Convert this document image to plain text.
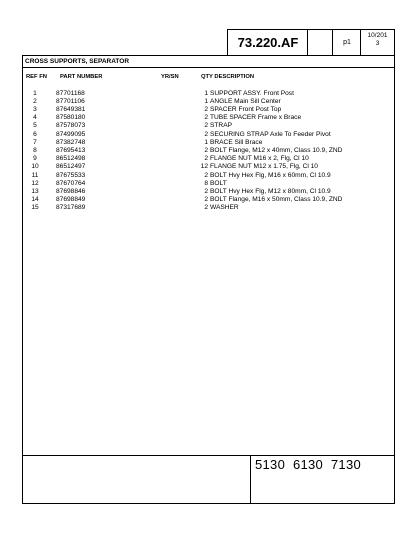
73.220.AF	p1
10/201
3
CROSS SUPPORTS, SEPARATOR
REF FN PART NUMBER	YR/SN	QTY DESCRIPTION
1	87701168	1 SUPPORT ASSY. Front Post
2	87701106	1 ANGLE Main Sill Center
3	87649381	2 SPACER Front Post Top
4	87580180	2 TUBE SPACER Frame x Brace
5	87578073	2 STRAP
6	87499095	2 SECURING STRAP Axle To Feeder Pivot
7	87382748	1 BRACE Sill Brace
8	87695413	2 BOLT Flange, M12 x 40mm, Class 10.9, ZND
9	86512498	2 FLANGE NUT M16 x 2, Flg, Cl 10
10	86512497	12 FLANGE NUT M12 x 1.75, Flg, Cl 10
11	87675533	2 BOLT Hvy Hex Flg, M16 x 60mm, Cl 10.9
12	87670764	8 BOLT
13	87698846	2 BOLT Hvy Hex Flg, M12 x 80mm, Cl 10.9
14	87698849	2 BOLT Flange, M16 x 50mm, Class 10.9, ZND
15	87317689	2 WASHER
5130  6130  7130
